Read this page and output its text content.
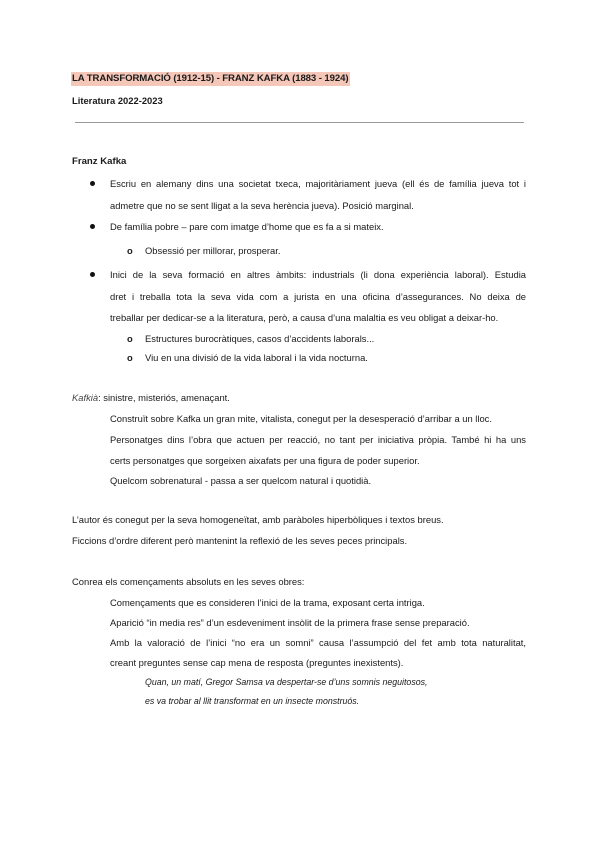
LA TRANSFORMACIÓ (1912-15) - FRANZ KAFKA (1883 - 1924)
Literatura 2022-2023
Franz Kafka
Escriu en alemany dins una societat txeca, majoritàriament jueva (ell és de família jueva tot i
admetre que no se sent lligat a la seva herència jueva). Posició marginal.
De família pobre – pare com imatge d’home que es fa a si mateix.
o Obsessió per millorar, prosperar.
Inici de la seva formació en altres àmbits: industrials (li dona experiència laboral). Estudia
dret i treballa tota la seva vida com a jurista en una oficina d’assegurances. No deixa de
treballar per dedicar-se a la literatura, però, a causa d’una malaltia es veu obligat a deixar-ho.
o Estructures burocràtiques, casos d’accidents laborals...
o Viu en una divisió de la vida laboral i la vida nocturna.
Kafkià: sinistre, misteriós, amenaçant.
Construït sobre Kafka un gran mite, vitalista, conegut per la desesperació d’arribar a un lloc.
Personatges dins l’obra que actuen per reacció, no tant per iniciativa pròpia. També hi ha uns
certs personatges que sorgeixen aixafats per una figura de poder superior.
Quelcom sobrenatural - passa a ser quelcom natural i quotidià.
L’autor és conegut per la seva homogeneïtat, amb paràboles hiperbòliques i textos breus.
Ficcions d’ordre diferent però mantenint la reflexió de les seves peces principals.
Conrea els començaments absoluts en les seves obres:
Començaments que es consideren l’inici de la trama, exposant certa intriga.
Aparició “in media res” d’un esdeveniment insòlit de la primera frase sense preparació.
Amb la valoració de l’inici “no era un somni” causa l’assumpció del fet amb tota naturalitat,
creant preguntes sense cap mena de resposta (preguntes inexistents).
Quan, un matí, Gregor Samsa va despertar-se d’uns somnis neguitosos,
es va trobar al llit transformat en un insecte monstruós.
